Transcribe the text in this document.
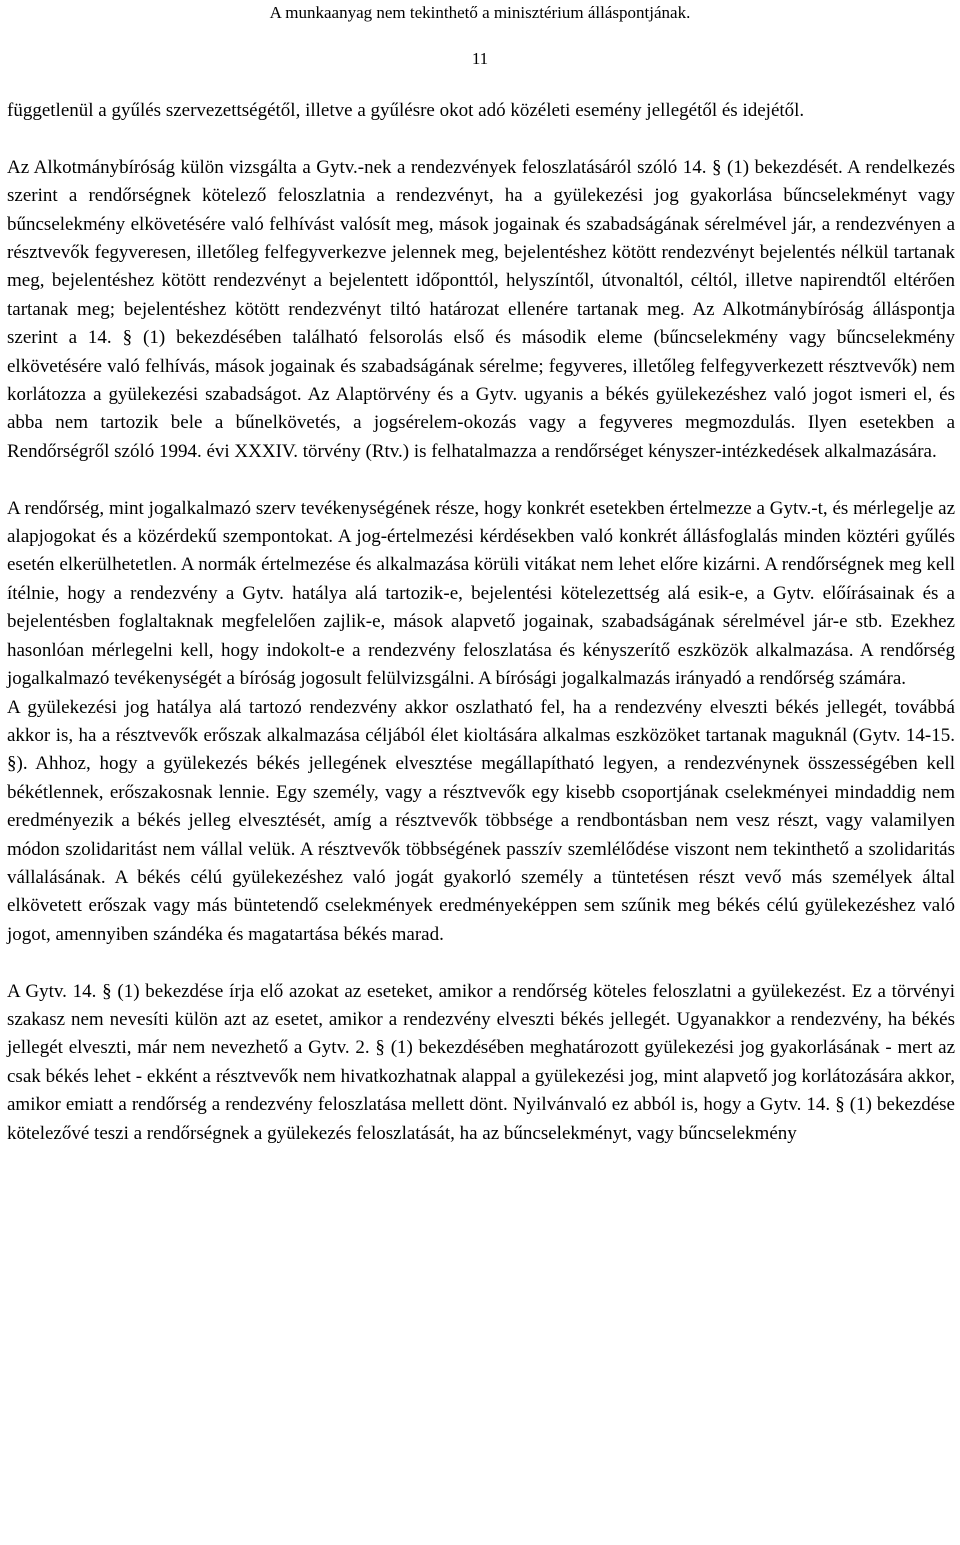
A munkaanyag nem tekinthető a minisztérium álláspontjának.
11

függetlenül a gyűlés szervezettségétől, illetve a gyűlésre okot adó közéleti esemény jellegétől és idejétől.

Az Alkotmánybíróság külön vizsgálta a Gytv.-nek a rendezvények feloszlatásáról szóló 14. § (1) bekezdését. A rendelkezés szerint a rendőrségnek kötelező feloszlatnia a rendezvényt, ha a gyülekezési jog gyakorlása bűncselekményt vagy bűncselekmény elkövetésére való felhívást valósít meg, mások jogainak és szabadságának sérelmével jár, a rendezvényen a résztvevők fegyveresen, illetőleg felfegyverkezve jelennek meg, bejelentéshez kötött rendezvényt bejelentés nélkül tartanak meg, bejelentéshez kötött rendezvényt a bejelentett időponttól, helyszíntől, útvonaltól, céltól, illetve napirendtől eltérően tartanak meg; bejelentéshez kötött rendezvényt tiltó határozat ellenére tartanak meg. Az Alkotmánybíróság álláspontja szerint a 14. § (1) bekezdésében található felsorolás első és második eleme (bűncselekmény vagy bűncselekmény elkövetésére való felhívás, mások jogainak és szabadságának sérelme; fegyveres, illetőleg felfegyverkezett résztvevők) nem korlátozza a gyülekezési szabadságot. Az Alaptörvény és a Gytv. ugyanis a békés gyülekezéshez való jogot ismeri el, és abba nem tartozik bele a bűnelkövetés, a jogsérelem-okozás vagy a fegyveres megmozdulás. Ilyen esetekben a Rendőrségről szóló 1994. évi XXXIV. törvény (Rtv.) is felhatalmazza a rendőrséget kényszer-intézkedések alkalmazására.

A rendőrség, mint jogalkalmazó szerv tevékenységének része, hogy konkrét esetekben értelmezze a Gytv.-t, és mérlegelje az alapjogokat és a közérdekű szempontokat. A jog-értelmezési kérdésekben való konkrét állásfoglalás minden köztéri gyűlés esetén elkerülhetetlen. A normák értelmezése és alkalmazása körüli vitákat nem lehet előre kizárni. A rendőrségnek meg kell ítélnie, hogy a rendezvény a Gytv. hatálya alá tartozik-e, bejelentési kötelezettség alá esik-e, a Gytv. előírásainak és a bejelentésben foglaltaknak megfelelően zajlik-e, mások alapvető jogainak, szabadságának sérelmével jár-e stb. Ezekhez hasonlóan mérlegelni kell, hogy indokolt-e a rendezvény feloszlatása és kényszerítő eszközök alkalmazása. A rendőrség jogalkalmazó tevékenységét a bíróság jogosult felülvizsgálni. A bírósági jogalkalmazás irányadó a rendőrség számára.

A gyülekezési jog hatálya alá tartozó rendezvény akkor oszlatható fel, ha a rendezvény elveszti békés jellegét, továbbá akkor is, ha a résztvevők erőszak alkalmazása céljából élet kioltására alkalmas eszközöket tartanak maguknál (Gytv. 14-15. §). Ahhoz, hogy a gyülekezés békés jellegének elvesztése megállapítható legyen, a rendezvénynek összességében kell békétlennek, erőszakosnak lennie. Egy személy, vagy a résztvevők egy kisebb csoportjának cselekményei mindaddig nem eredményezik a békés jelleg elvesztését, amíg a résztvevők többsége a rendbontásban nem vesz részt, vagy valamilyen módon szolidaritást nem vállal velük. A résztvevők többségének passzív szemlélődése viszont nem tekinthető a szolidaritás vállalásának. A békés célú gyülekezéshez való jogát gyakorló személy a tüntetésen részt vevő más személyek által elkövetett erőszak vagy más büntetendő cselekmények eredményeképpen sem szűnik meg békés célú gyülekezéshez való jogot, amennyiben szándéka és magatartása békés marad.

A Gytv. 14. § (1) bekezdése írja elő azokat az eseteket, amikor a rendőrség köteles feloszlatni a gyülekezést. Ez a törvényi szakasz nem nevesíti külön azt az esetet, amikor a rendezvény elveszti békés jellegét. Ugyanakkor a rendezvény, ha békés jellegét elveszti, már nem nevezhető a Gytv. 2. § (1) bekezdésében meghatározott gyülekezési jog gyakorlásának - mert az csak békés lehet - ekként a résztvevők nem hivatkozhatnak alappal a gyülekezési jog, mint alapvető jog korlátozására akkor, amikor emiatt a rendőrség a rendezvény feloszlatása mellett dönt. Nyilvánvaló ez abból is, hogy a Gytv. 14. § (1) bekezdése kötelezővé teszi a rendőrségnek a gyülekezés feloszlatását, ha az bűncselekményt, vagy bűncselekmény
